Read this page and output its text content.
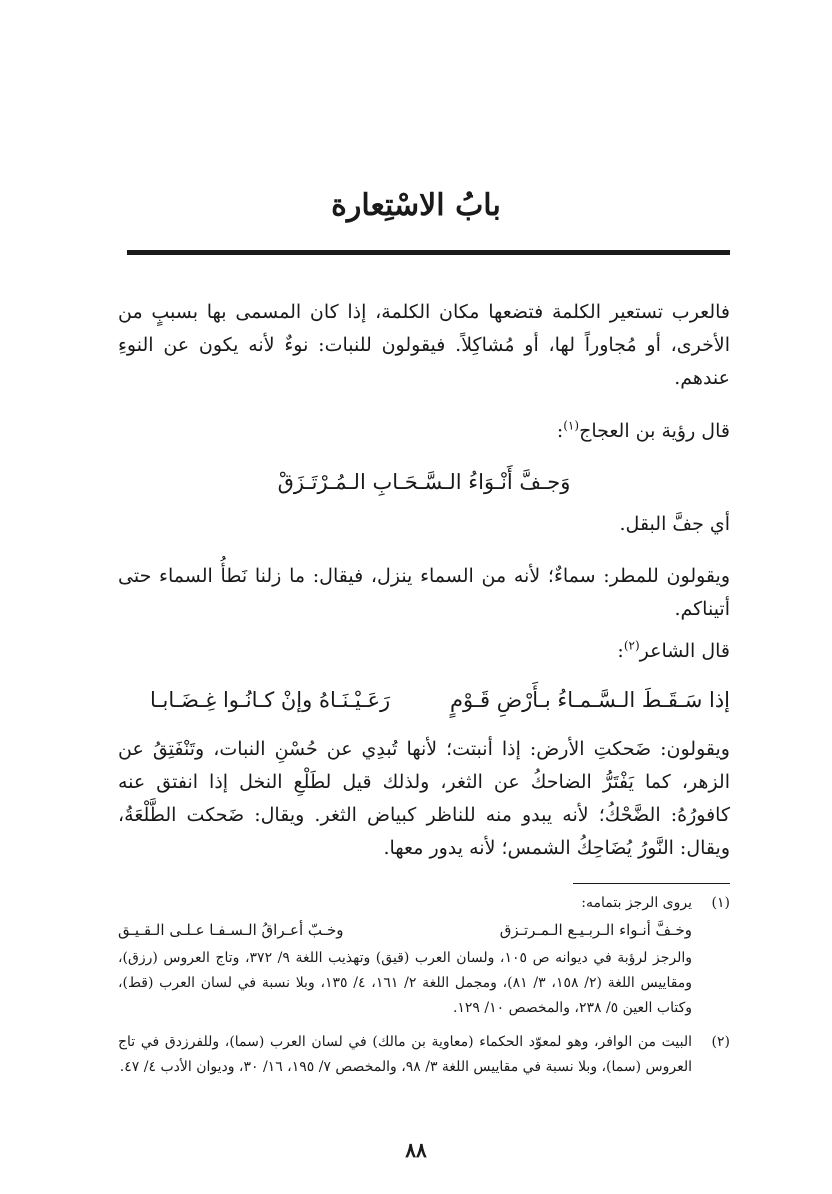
بابُ الاسْتِعارة
فالعرب تستعير الكلمة فتضعها مكان الكلمة، إذا كان المسمى بها بسببٍ من الأخرى، أو مُجاوراً لها، أو مُشاكِلاً. فيقولون للنبات: نوءٌ لأنه يكون عن النوءِ عندهم.
قال رؤية بن العجاج$^{(١)}$:
وَجـفَّ أَنْـوَاءُ الـسَّـحَـابِ الـمُـرْتَـزَقْ
أي جفَّ البقل.
ويقولون للمطر: سماءٌ؛ لأنه من السماء ينزل، فيقال: ما زلنا نَطأُ السماء حتى أتيناكم.
قال الشاعر$^{(٢)}$:
إذا سَـقَـطَ الـسَّـمـاءُ بـأَرْضِ قَـوْمٍ
رَعَـيْـنَـاهُ وإنْ كـانُـوا غِـضَـابـا
ويقولون: ضَحكتِ الأرض: إذا أنبتت؛ لأنها تُبدِي عن حُسْنِ النبات، وتَنْفَتِقُ عن الزهر، كما يَفْتَرُّ الضاحكُ عن الثغر، ولذلك قيل لطَلْعِ النخل إذا انفتق عنه كافورُهُ: الضَّحْكُ؛ لأنه يبدو منه للناظر كبياض الثغر. ويقال: ضَحكت الطَّلْعَةُ، ويقال: النَّورُ يُضَاحِكُ الشمس؛ لأنه يدور معها.
(١)
يروى الرجز بتمامه:
وخـفَّ أنـواء الـربـيـع الـمـرتـزق
وخـبّ أعـراقُ الـسـفـا عـلـى الـقـيـق
والرجز لرؤبة في ديوانه ص ١٠٥، ولسان العرب (قيق) وتهذيب اللغة ٩/ ٣٧٢، وتاج العروس (رزق)، ومقاييس اللغة (٢/ ١٥٨، ٣/ ٨١)، ومجمل اللغة ٢/ ١٦١، ٤/ ١٣٥، وبلا نسبة في لسان العرب (قط)، وكتاب العين ٥/ ٢٣٨، والمخصص ١٠/ ١٢٩.
(٢)
البيت من الوافر، وهو لمعوّد الحكماء (معاوية بن مالك) في لسان العرب (سما)، وللفرزدق في تاج العروس (سما)، وبلا نسبة في مقاييس اللغة ٣/ ٩٨، والمخصص ٧/ ١٩٥، ١٦/ ٣٠، وديوان الأدب ٤/ ٤٧.
٨٨
